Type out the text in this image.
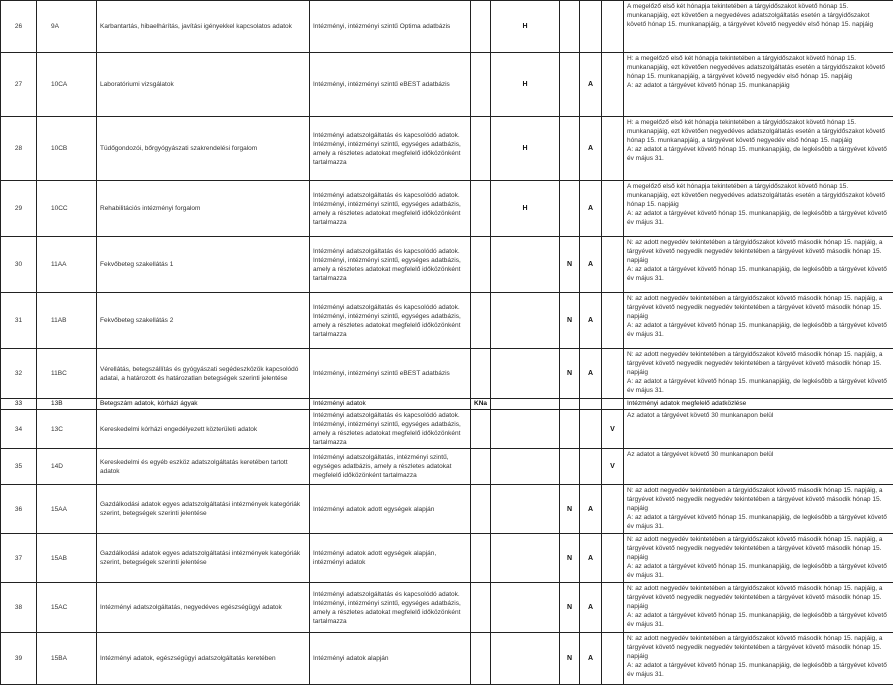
26	9A	Karbantartás, hibaelhárítás, javítási igényekkel kapcsolatos adatok	Intézményi, intézményi szintű Optima adatbázis		H				A megelőző első két hónapja tekintetében a tárgyidőszakot követő hónap 15. munkanapjáig, ezt követően a negyedéves adatszolgáltatás esetén a tárgyidőszakot követő hónap 15. munkanapjáig, a tárgyévet követő negyedév első hónap 15. napjáig
27	10CA	Laboratóriumi vizsgálatok	Intézményi, intézményi szintű eBEST adatbázis		H		A		H: a megelőző első két hónapja tekintetében a tárgyidőszakot követő hónap 15. munkanapjáig, ezt követően negyedéves adatszolgáltatás esetén a tárgyidőszakot követő hónap 15. munkanapjáig, a tárgyévet követő negyedév első hónap 15. napjáig
A: az adatot a tárgyévet követő hónap 15. munkanapjáig
28	10CB	Tüdőgondozói, bőrgyógyászati szakrendelési forgalom	Intézményi adatszolgáltatás és kapcsolódó adatok. Intézményi, intézményi szintű, egységes adatbázis, amely a részletes adatokat megfelelő időközönként tartalmazza		H		A		H: a megelőző első két hónapja tekintetében a tárgyidőszakot követő hónap 15. munkanapjáig, ezt követően negyedéves adatszolgáltatás esetén a tárgyidőszakot követő hónap 15. munkanapjáig, a tárgyévet követő negyedév első hónap 15. napjáig
A: az adatot a tárgyévet követő hónap 15. munkanapjáig, de legkésőbb a tárgyévet követő év május 31.
29	10CC	Rehabilitációs intézményi forgalom	Intézményi adatszolgáltatás és kapcsolódó adatok. Intézményi, intézményi szintű, egységes adatbázis, amely a részletes adatokat megfelelő időközönként tartalmazza		H		A		A megelőző első két hónapja tekintetében a tárgyidőszakot követő hónap 15. munkanapjáig, ezt követően negyedéves adatszolgáltatás esetén a tárgyidőszakot követő hónap 15. napjáig
A: az adatot a tárgyévet követő hónap 15. munkanapjáig, de legkésőbb a tárgyévet követő év május 31.
30	11AA	Fekvőbeteg szakellátás 1	Intézményi adatszolgáltatás és kapcsolódó adatok. Intézményi, intézményi szintű, egységes adatbázis, amely a részletes adatokat megfelelő időközönként tartalmazza			N	A		N: az adott negyedév tekintetében a tárgyidőszakot követő második hónap 15. napjáig, a tárgyévet követő negyedik negyedév tekintetében a tárgyévet követő második hónap 15. napjáig
A: az adatot a tárgyévet követő hónap 15. munkanapjáig, de legkésőbb a tárgyévet követő év május 31.
31	11AB	Fekvőbeteg szakellátás 2	Intézményi adatszolgáltatás és kapcsolódó adatok. Intézményi, intézményi szintű, egységes adatbázis, amely a részletes adatokat megfelelő időközönként tartalmazza			N	A		N: az adott negyedév tekintetében a tárgyidőszakot követő második hónap 15. napjáig, a tárgyévet követő negyedik negyedév tekintetében a tárgyévet követő második hónap 15. napjáig
A: az adatot a tárgyévet követő hónap 15. munkanapjáig, de legkésőbb a tárgyévet követő év május 31.
32	11BC	Vérellátás, betegszállítás és gyógyászati segédeszközök kapcsolódó adatai, a határozott és határozatlan betegségek szerinti jelentése	Intézményi, intézményi szintű eBEST adatbázis			N	A		N: az adott negyedév tekintetében a tárgyidőszakot követő második hónap 15. napjáig, a tárgyévet követő negyedik negyedév tekintetében a tárgyévet követő második hónap 15. napjáig
A: az adatot a tárgyévet követő hónap 15. munkanapjáig, de legkésőbb a tárgyévet követő év május 31.
33	13B	Betegszám adatok, kórházi ágyak	Intézményi adatok	KNa					Intézményi adatok megfelelő adatközlése
34	13C	Kereskedelmi kórházi engedélyezett közterületi adatok	Intézményi adatszolgáltatás és kapcsolódó adatok. Intézményi, intézményi szintű, egységes adatbázis, amely a részletes adatokat megfelelő időközönként tartalmazza					V	Az adatot a tárgyévet követő 30 munkanapon belül
35	14D	Kereskedelmi és egyéb eszköz adatszolgáltatás keretében tartott adatok	Intézményi adatszolgáltatás, intézményi szintű, egységes adatbázis, amely a részletes adatokat megfelelő időközönként tartalmazza					V	Az adatot a tárgyévet követő 30 munkanapon belül
36	15AA	Gazdálkodási adatok egyes adatszolgáltatási intézmények kategóriák szerint, betegségek szerinti jelentése	Intézményi adatok adott egységek alapján			N	A		N: az adott negyedév tekintetében a tárgyidőszakot követő második hónap 15. napjáig, a tárgyévet követő negyedik negyedév tekintetében a tárgyévet követő második hónap 15. napjáig
A: az adatot a tárgyévet követő hónap 15. munkanapjáig, de legkésőbb a tárgyévet követő év május 31.
37	15AB	Gazdálkodási adatok egyes adatszolgáltatási intézmények kategóriák szerint, betegségek szerinti jelentése	Intézményi adatok adott egységek alapján, intézményi adatok			N	A		N: az adott negyedév tekintetében a tárgyidőszakot követő második hónap 15. napjáig, a tárgyévet követő negyedik negyedév tekintetében a tárgyévet követő második hónap 15. napjáig
A: az adatot a tárgyévet követő hónap 15. munkanapjáig, de legkésőbb a tárgyévet követő év május 31.
38	15AC	Intézményi adatszolgáltatás, negyedéves egészségügyi adatok	Intézményi adatszolgáltatás és kapcsolódó adatok. Intézményi, intézményi szintű, egységes adatbázis, amely a részletes adatokat megfelelő időközönként tartalmazza			N	A		N: az adott negyedév tekintetében a tárgyidőszakot követő második hónap 15. napjáig, a tárgyévet követő negyedik negyedév tekintetében a tárgyévet követő második hónap 15. napjáig
A: az adatot a tárgyévet követő hónap 15. munkanapjáig, de legkésőbb a tárgyévet követő év május 31.
39	15BA	Intézményi adatok, egészségügyi adatszolgáltatás keretében	Intézményi adatok alapján			N	A		N: az adott negyedév tekintetében a tárgyidőszakot követő második hónap 15. napjáig, a tárgyévet követő negyedik negyedév tekintetében a tárgyévet követő második hónap 15. napjáig
A: az adatot a tárgyévet követő hónap 15. munkanapjáig, de legkésőbb a tárgyévet követő év május 31.
